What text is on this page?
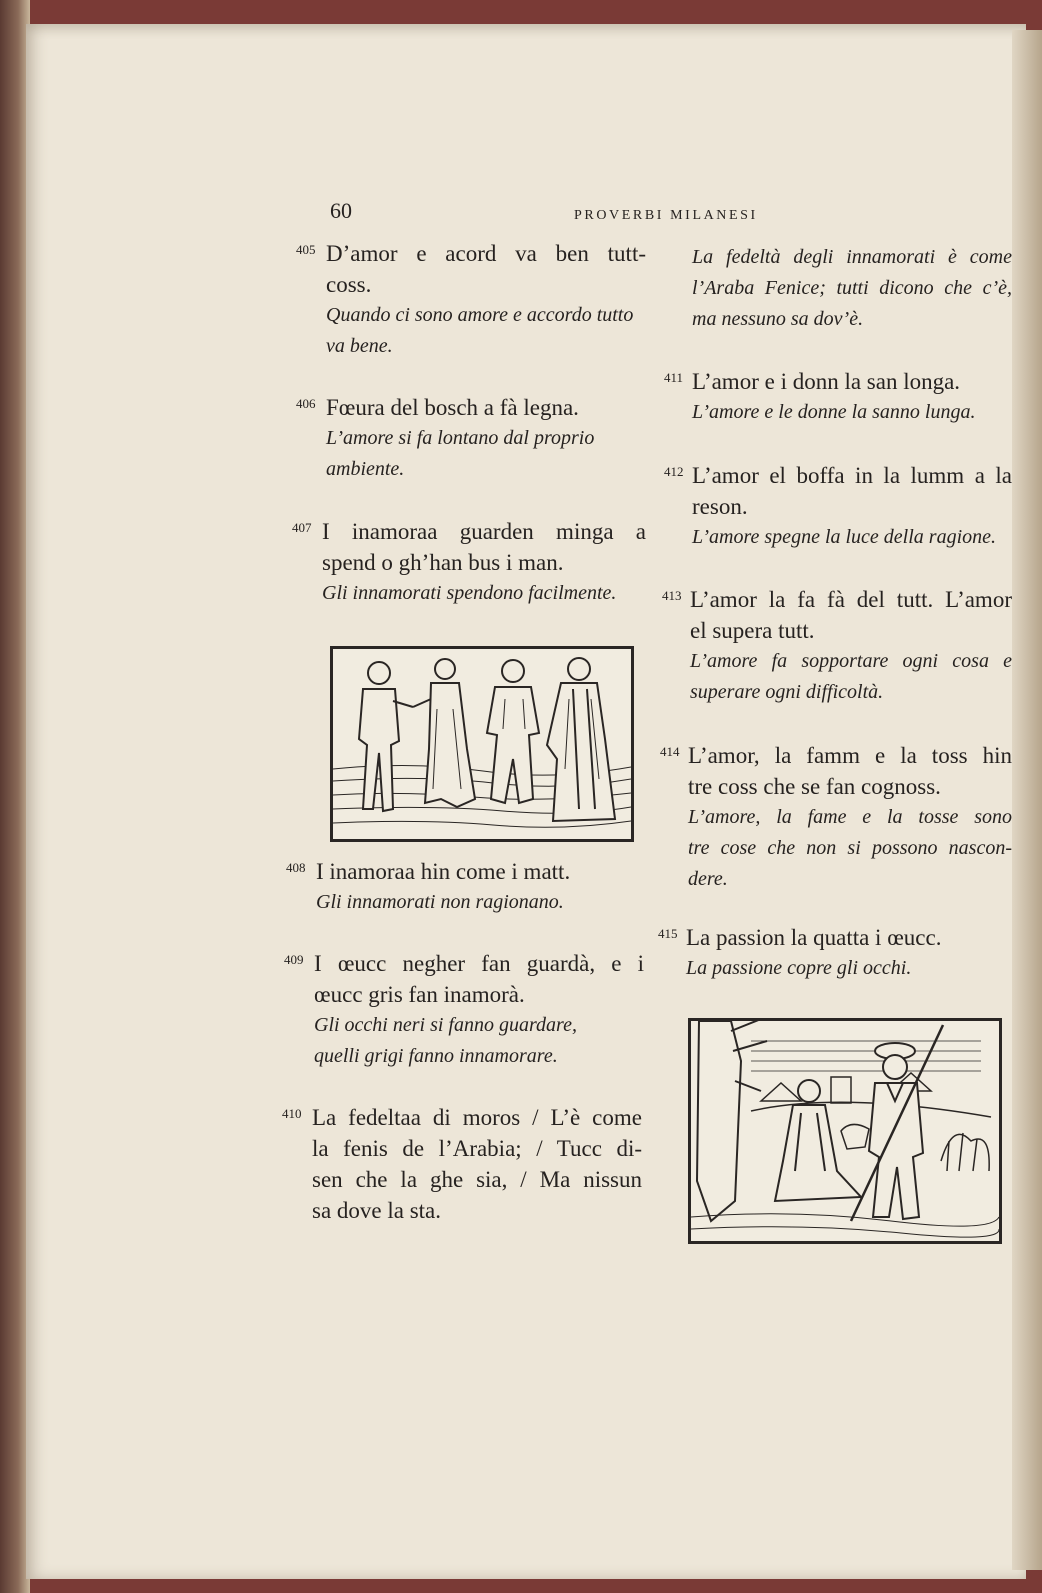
60	PROVERBI MILANESI
405 D’amor e acord va ben tutt-
coss.
Quando ci sono amore e accordo tutto
va bene.
406 Fœura del bosch a fà legna.
L’amore si fa lontano dal proprio
ambiente.
407 I inamoraa guarden minga a
spend o gh’han bus i man.
Gli innamorati spendono facilmente.
408 I inamoraa hin come i matt.
Gli innamorati non ragionano.
409 I œucc negher fan guardà, e i
œucc gris fan inamorà.
Gli occhi neri si fanno guardare,
quelli grigi fanno innamorare.
410 La fedeltaa di moros / L’è come
la fenis de l’Arabia; / Tucc di-
sen che la ghe sia, / Ma nissun
sa dove la sta.
La fedeltà degli innamorati è come
l’Araba Fenice; tutti dicono che c’è,
ma nessuno sa dov’è.
411 L’amor e i donn la san longa.
L’amore e le donne la sanno lunga.
412 L’amor el boffa in la lumm a la
reson.
L’amore spegne la luce della ragione.
413 L’amor la fa fà del tutt. L’amor
el supera tutt.
L’amore fa sopportare ogni cosa e
superare ogni difficoltà.
414 L’amor, la famm e la toss hin
tre coss che se fan cognoss.
L’amore, la fame e la tosse sono
tre cose che non si possono nascon-
dere.
415 La passion la quatta i œucc.
La passione copre gli occhi.
